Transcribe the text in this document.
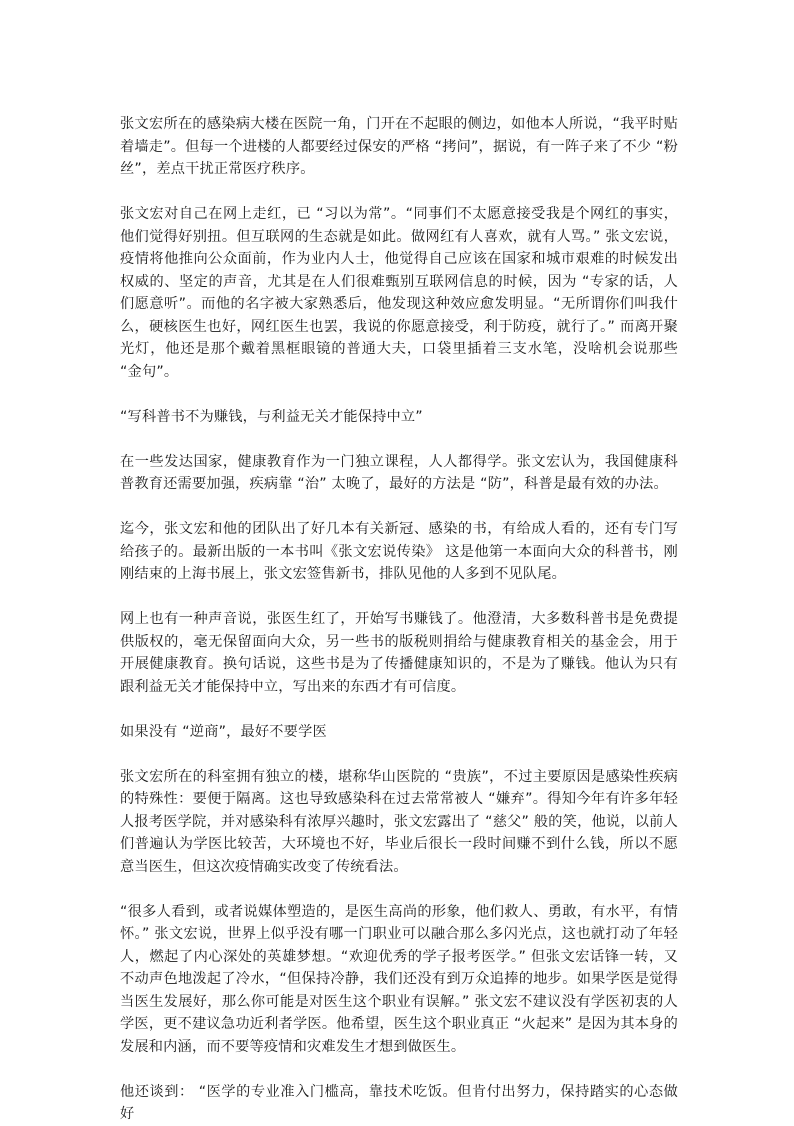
张文宏所在的感染病大楼在医院一角，门开在不起眼的侧边，如他本人所说，“我平时贴着墙走”。但每一个进楼的人都要经过保安的严格 “拷问”，据说，有一阵子来了不少 “粉丝”，差点干扰正常医疗秩序。

张文宏对自己在网上走红，已 “习以为常”。“同事们不太愿意接受我是个网红的事实，他们觉得好别扭。但互联网的生态就是如此。做网红有人喜欢，就有人骂。” 张文宏说，疫情将他推向公众面前，作为业内人士，他觉得自己应该在国家和城市艰难的时候发出权威的、坚定的声音，尤其是在人们很难甄别互联网信息的时候，因为 “专家的话，人们愿意听”。而他的名字被大家熟悉后，他发现这种效应愈发明显。“无所谓你们叫我什么，硬核医生也好，网红医生也罢，我说的你愿意接受，利于防疫，就行了。” 而离开聚光灯，他还是那个戴着黑框眼镜的普通大夫，口袋里插着三支水笔，没啥机会说那些 “金句”。

“写科普书不为赚钱，与利益无关才能保持中立”

在一些发达国家，健康教育作为一门独立课程，人人都得学。张文宏认为，我国健康科普教育还需要加强，疾病靠 “治” 太晚了，最好的方法是 “防”，科普是最有效的办法。

迄今，张文宏和他的团队出了好几本有关新冠、感染的书，有给成人看的，还有专门写给孩子的。最新出版的一本书叫《张文宏说传染》 这是他第一本面向大众的科普书，刚刚结束的上海书展上，张文宏签售新书，排队见他的人多到不见队尾。

网上也有一种声音说，张医生红了，开始写书赚钱了。他澄清，大多数科普书是免费提供版权的，毫无保留面向大众，另一些书的版税则捐给与健康教育相关的基金会，用于开展健康教育。换句话说，这些书是为了传播健康知识的，不是为了赚钱。他认为只有跟利益无关才能保持中立，写出来的东西才有可信度。

如果没有 “逆商”，最好不要学医

张文宏所在的科室拥有独立的楼，堪称华山医院的 “贵族”，不过主要原因是感染性疾病的特殊性：要便于隔离。这也导致感染科在过去常常被人 “嫌弃”。得知今年有许多年轻人报考医学院，并对感染科有浓厚兴趣时，张文宏露出了 “慈父” 般的笑，他说，以前人们普遍认为学医比较苦，大环境也不好，毕业后很长一段时间赚不到什么钱，所以不愿意当医生，但这次疫情确实改变了传统看法。

“很多人看到，或者说媒体塑造的，是医生高尚的形象，他们救人、勇敢，有水平，有情怀。” 张文宏说，世界上似乎没有哪一门职业可以融合那么多闪光点，这也就打动了年轻人，燃起了内心深处的英雄梦想。“欢迎优秀的学子报考医学。” 但张文宏话锋一转，又不动声色地泼起了冷水，“但保持冷静，我们还没有到万众追捧的地步。如果学医是觉得当医生发展好，那么你可能是对医生这个职业有误解。” 张文宏不建议没有学医初衷的人学医，更不建议急功近利者学医。他希望，医生这个职业真正 “火起来” 是因为其本身的发展和内涵，而不要等疫情和灾难发生才想到做医生。

他还谈到： “医学的专业准入门槛高，靠技术吃饭。但肯付出努力，保持踏实的心态做好
